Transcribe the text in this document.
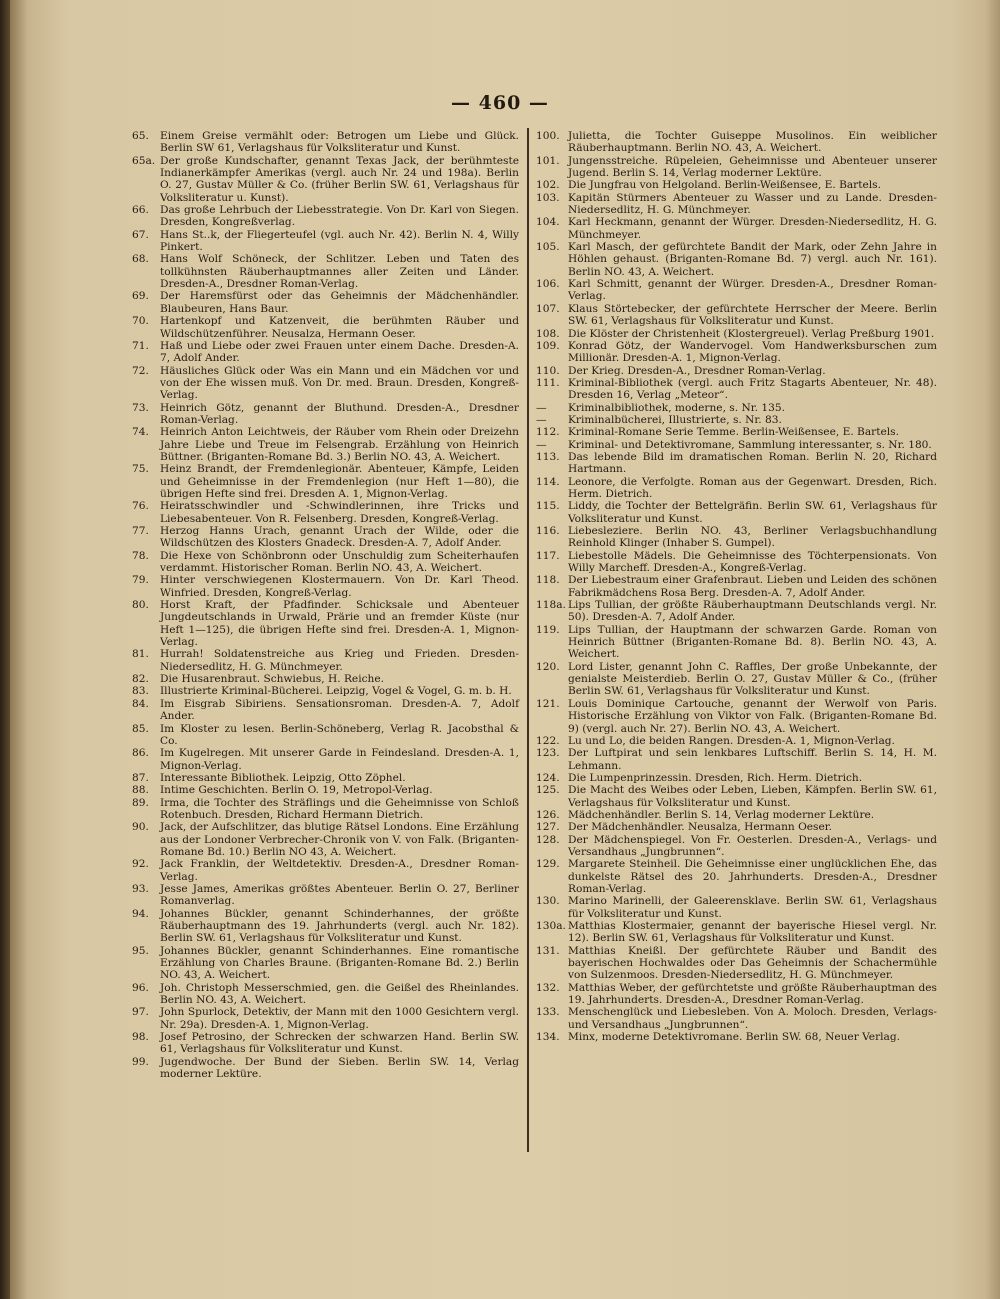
— 460 —
65.	Einem Greise vermählt oder: Betrogen um Liebe und Glück. Berlin SW 61, Verlagshaus für Volksliteratur und Kunst.
65a. Der große Kundschafter, genannt Texas Jack, der berühmteste Indianerkämpfer Amerikas (vergl. auch Nr. 24 und 198a). Berlin O. 27, Gustav Müller & Co. (früher Berlin SW. 61, Verlagshaus für Volksliteratur u. Kunst).
66.	Das große Lehrbuch der Liebesstrategie. Von Dr. Karl von Siegen. Dresden, Kongreßverlag.
67.	Hans St..k, der Fliegerteufel (vgl. auch Nr. 42). Berlin N. 4, Willy Pinkert.
68.	Hans Wolf Schöneck, der Schlitzer. Leben und Taten des tollkühnsten Räuberhauptmannes aller Zeiten und Länder. Dresden-A., Dresdner Roman-Verlag.
69.	Der Haremsfürst oder das Geheimnis der Mädchenhändler. Blaubeuren, Hans Baur.
70.	Hartenkopf und Katzenveit, die berühmten Räuber und Wildschützenführer. Neusalza, Hermann Oeser.
71.	Haß und Liebe oder zwei Frauen unter einem Dache. Dresden-A. 7, Adolf Ander.
72.	Häusliches Glück oder Was ein Mann und ein Mädchen vor und von der Ehe wissen muß. Von Dr. med. Braun. Dresden, Kongreß-Verlag.
73.	Heinrich Götz, genannt der Bluthund. Dresden-A., Dresdner Roman-Verlag.
74.	Heinrich Anton Leichtweis, der Räuber vom Rhein oder Dreizehn Jahre Liebe und Treue im Felsengrab. Erzählung von Heinrich Büttner. (Briganten-Romane Bd. 3.) Berlin NO. 43, A. Weichert.
75.	Heinz Brandt, der Fremdenlegionär. Abenteuer, Kämpfe, Leiden und Geheimnisse in der Fremdenlegion (nur Heft 1—80), die übrigen Hefte sind frei. Dresden A. 1, Mignon-Verlag.
76.	Heiratsschwindler und -Schwindlerinnen, ihre Tricks und Liebesabenteuer. Von R. Felsenberg. Dresden, Kongreß-Verlag.
77.	Herzog Hanns Urach, genannt Urach der Wilde, oder die Wildschützen des Klosters Gnadeck. Dresden-A. 7, Adolf Ander.
78.	Die Hexe von Schönbronn oder Unschuldig zum Scheiterhaufen verdammt. Historischer Roman. Berlin NO. 43, A. Weichert.
79.	Hinter verschwiegenen Klostermauern. Von Dr. Karl Theod. Winfried. Dresden, Kongreß-Verlag.
80.	Horst Kraft, der Pfadfinder. Schicksale und Abenteuer Jungdeutschlands in Urwald, Prärie und an fremder Küste (nur Heft 1—125), die übrigen Hefte sind frei. Dresden-A. 1, Mignon-Verlag.
81.	Hurrah! Soldatenstreiche aus Krieg und Frieden. Dresden-Niedersedlitz, H. G. Münchmeyer.
82.	Die Husarenbraut. Schwiebus, H. Reiche.
83.	Illustrierte Kriminal-Bücherei. Leipzig, Vogel & Vogel, G. m. b. H.
84.	Im Eisgrab Sibiriens. Sensationsroman. Dresden-A. 7, Adolf Ander.
85.	Im Kloster zu lesen. Berlin-Schöneberg, Verlag R. Jacobsthal & Co.
86.	Im Kugelregen. Mit unserer Garde in Feindesland. Dresden-A. 1, Mignon-Verlag.
87.	Interessante Bibliothek. Leipzig, Otto Zöphel.
88.	Intime Geschichten. Berlin O. 19, Metropol-Verlag.
89.	Irma, die Tochter des Sträflings und die Geheimnisse von Schloß Rotenbuch. Dresden, Richard Hermann Dietrich.
90.	Jack, der Aufschlitzer, das blutige Rätsel Londons. Eine Erzählung aus der Londoner Verbrecher-Chronik von V. von Falk. (Briganten-Romane Bd. 10.) Berlin NO 43, A. Weichert.
92.	Jack Franklin, der Weltdetektiv. Dresden-A., Dresdner Roman-Verlag.
93.	Jesse James, Amerikas größtes Abenteuer. Berlin O. 27, Berliner Romanverlag.
94.	Johannes Bückler, genannt Schinderhannes, der größte Räuberhauptmann des 19. Jahrhunderts (vergl. auch Nr. 182). Berlin SW. 61, Verlagshaus für Volksliteratur und Kunst.
95.	Johannes Bückler, genannt Schinderhannes. Eine romantische Erzählung von Charles Braune. (Briganten-Romane Bd. 2.) Berlin NO. 43, A. Weichert.
96.	Joh. Christoph Messerschmied, gen. die Geißel des Rheinlandes. Berlin NO. 43, A. Weichert.
97.	John Spurlock, Detektiv, der Mann mit den 1000 Gesichtern vergl. Nr. 29a). Dresden-A. 1, Mignon-Verlag.
98.	Josef Petrosino, der Schrecken der schwarzen Hand. Berlin SW. 61, Verlagshaus für Volksliteratur und Kunst.
99.	Jugendwoche. Der Bund der Sieben. Berlin SW. 14, Verlag moderner Lektüre.
100. Julietta, die Tochter Guiseppe Musolinos. Ein weiblicher Räuberhauptmann. Berlin NO. 43, A. Weichert.
101. Jungensstreiche. Rüpeleien, Geheimnisse und Abenteuer unserer Jugend. Berlin S. 14, Verlag moderner Lektüre.
102. Die Jungfrau von Helgoland. Berlin-Weißensee, E. Bartels.
103. Kapitän Stürmers Abenteuer zu Wasser und zu Lande. Dresden-Niedersedlitz, H. G. Münchmeyer.
104. Karl Heckmann, genannt der Würger. Dresden-Niedersedlitz, H. G. Münchmeyer.
105. Karl Masch, der gefürchtete Bandit der Mark, oder Zehn Jahre in Höhlen gehaust. (Briganten-Romane Bd. 7) vergl. auch Nr. 161). Berlin NO. 43, A. Weichert.
106. Karl Schmitt, genannt der Würger. Dresden-A., Dresdner Roman-Verlag.
107. Klaus Störtebecker, der gefürchtete Herrscher der Meere. Berlin SW. 61, Verlagshaus für Volksliteratur und Kunst.
108. Die Klöster der Christenheit (Klostergreuel). Verlag Preßburg 1901.
109. Konrad Götz, der Wandervogel. Vom Handwerksburschen zum Millionär. Dresden-A. 1, Mignon-Verlag.
110. Der Krieg. Dresden-A., Dresdner Roman-Verlag.
111. Kriminal-Bibliothek (vergl. auch Fritz Stagarts Abenteuer, Nr. 48). Dresden 16, Verlag „Meteor“.
—	Kriminalbibliothek, moderne, s. Nr. 135.
—	Kriminalbücherei, Illustrierte, s. Nr. 83.
112. Kriminal-Romane Serie Temme. Berlin-Weißensee, E. Bartels.
—	Kriminal- und Detektivromane, Sammlung interessanter, s. Nr. 180.
113. Das lebende Bild im dramatischen Roman. Berlin N. 20, Richard Hartmann.
114. Leonore, die Verfolgte. Roman aus der Gegenwart. Dresden, Rich. Herm. Dietrich.
115. Liddy, die Tochter der Bettelgräfin. Berlin SW. 61, Verlagshaus für Volksliteratur und Kunst.
116. Liebesleziere. Berlin NO. 43, Berliner Verlagsbuchhandlung Reinhold Klinger (Inhaber S. Gumpel).
117. Liebestolle Mädels. Die Geheimnisse des Töchterpensionats. Von Willy Marcheff. Dresden-A., Kongreß-Verlag.
118. Der Liebestraum einer Grafenbraut. Lieben und Leiden des schönen Fabrikmädchens Rosa Berg. Dresden-A. 7, Adolf Ander.
118a. Lips Tullian, der größte Räuberhauptmann Deutschlands vergl. Nr. 50). Dresden-A. 7, Adolf Ander.
119. Lips Tullian, der Hauptmann der schwarzen Garde. Roman von Heinrich Büttner (Briganten-Romane Bd. 8). Berlin NO. 43, A. Weichert.
120. Lord Lister, genannt John C. Raffles, Der große Unbekannte, der genialste Meisterdieb. Berlin O. 27, Gustav Müller & Co., (früher Berlin SW. 61, Verlagshaus für Volksliteratur und Kunst.
121. Louis Dominique Cartouche, genannt der Werwolf von Paris. Historische Erzählung von Viktor von Falk. (Briganten-Romane Bd. 9) (vergl. auch Nr. 27). Berlin NO. 43, A. Weichert.
122. Lu und Lo, die beiden Rangen. Dresden-A. 1, Mignon-Verlag.
123. Der Luftpirat und sein lenkbares Luftschiff. Berlin S. 14, H. M. Lehmann.
124. Die Lumpenprinzessin. Dresden, Rich. Herm. Dietrich.
125. Die Macht des Weibes oder Leben, Lieben, Kämpfen. Berlin SW. 61, Verlagshaus für Volksliteratur und Kunst.
126. Mädchenhändler. Berlin S. 14, Verlag moderner Lektüre.
127. Der Mädchenhändler. Neusalza, Hermann Oeser.
128. Der Mädchenspiegel. Von Fr. Oesterlen. Dresden-A., Verlags- und Versandhaus „Jungbrunnen“.
129. Margarete Steinheil. Die Geheimnisse einer unglücklichen Ehe, das dunkelste Rätsel des 20. Jahrhunderts. Dresden-A., Dresdner Roman-Verlag.
130. Marino Marinelli, der Galeerensklave. Berlin SW. 61, Verlagshaus für Volksliteratur und Kunst.
130a. Matthias Klostermaier, genannt der bayerische Hiesel vergl. Nr. 12). Berlin SW. 61, Verlagshaus für Volksliteratur und Kunst.
131. Matthias Kneißl. Der gefürchtete Räuber und Bandit des bayerischen Hochwaldes oder Das Geheimnis der Schachermühle von Sulzenmoos. Dresden-Niedersedlitz, H. G. Münchmeyer.
132. Matthias Weber, der gefürchtetste und größte Räuberhauptman des 19. Jahrhunderts. Dresden-A., Dresdner Roman-Verlag.
133. Menschenglück und Liebesleben. Von A. Moloch. Dresden, Verlags- und Versandhaus „Jungbrunnen“.
134. Minx, moderne Detektivromane. Berlin SW. 68, Neuer Verlag.
